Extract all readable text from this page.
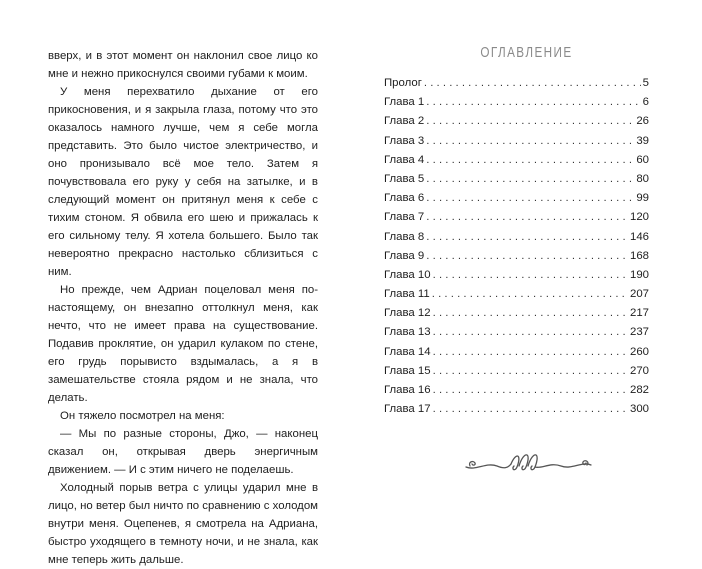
вверх, и в этот момент он наклонил свое лицо ко мне и нежно прикоснулся своими губами к моим.

У меня перехватило дыхание от его прикосновения, и я закрыла глаза, потому что это оказалось намного лучше, чем я себе могла представить. Это было чистое электричество, и оно пронизывало всё мое тело. Затем я почувствовала его руку у себя на затылке, и в следующий момент он притянул меня к себе с тихим стоном. Я обвила его шею и прижалась к его сильному телу. Я хотела большего. Было так невероятно прекрасно настолько сблизиться с ним.

Но прежде, чем Адриан поцеловал меня по-настоящему, он внезапно оттолкнул меня, как нечто, что не имеет права на существование. Подавив проклятие, он ударил кулаком по стене, его грудь порывисто вздымалась, а я в замешательстве стояла рядом и не знала, что делать.

Он тяжело посмотрел на меня:

— Мы по разные стороны, Джо, — наконец сказал он, открывая дверь энергичным движением. — И с этим ничего не поделаешь.

Холодный порыв ветра с улицы ударил мне в лицо, но ветер был ничто по сравнению с холодом внутри меня. Оцепенев, я смотрела на Адриана, быстро уходящего в темноту ночи, и не знала, как мне теперь жить дальше.

ОГЛАВЛЕНИЕ
Пролог . . .	5
Глава 1 . . .	6
Глава 2 . . .	26
Глава 3 . . .	39
Глава 4 . . .	60
Глава 5 . . .	80
Глава 6 . . .	99
Глава 7 . . .	120
Глава 8 . . .	146
Глава 9 . . .	168
Глава 10 . . .	190
Глава 11 . . .	207
Глава 12 . . .	217
Глава 13 . . .	237
Глава 14 . . .	260
Глава 15 . . .	270
Глава 16 . . .	282
Глава 17 . . .	300
